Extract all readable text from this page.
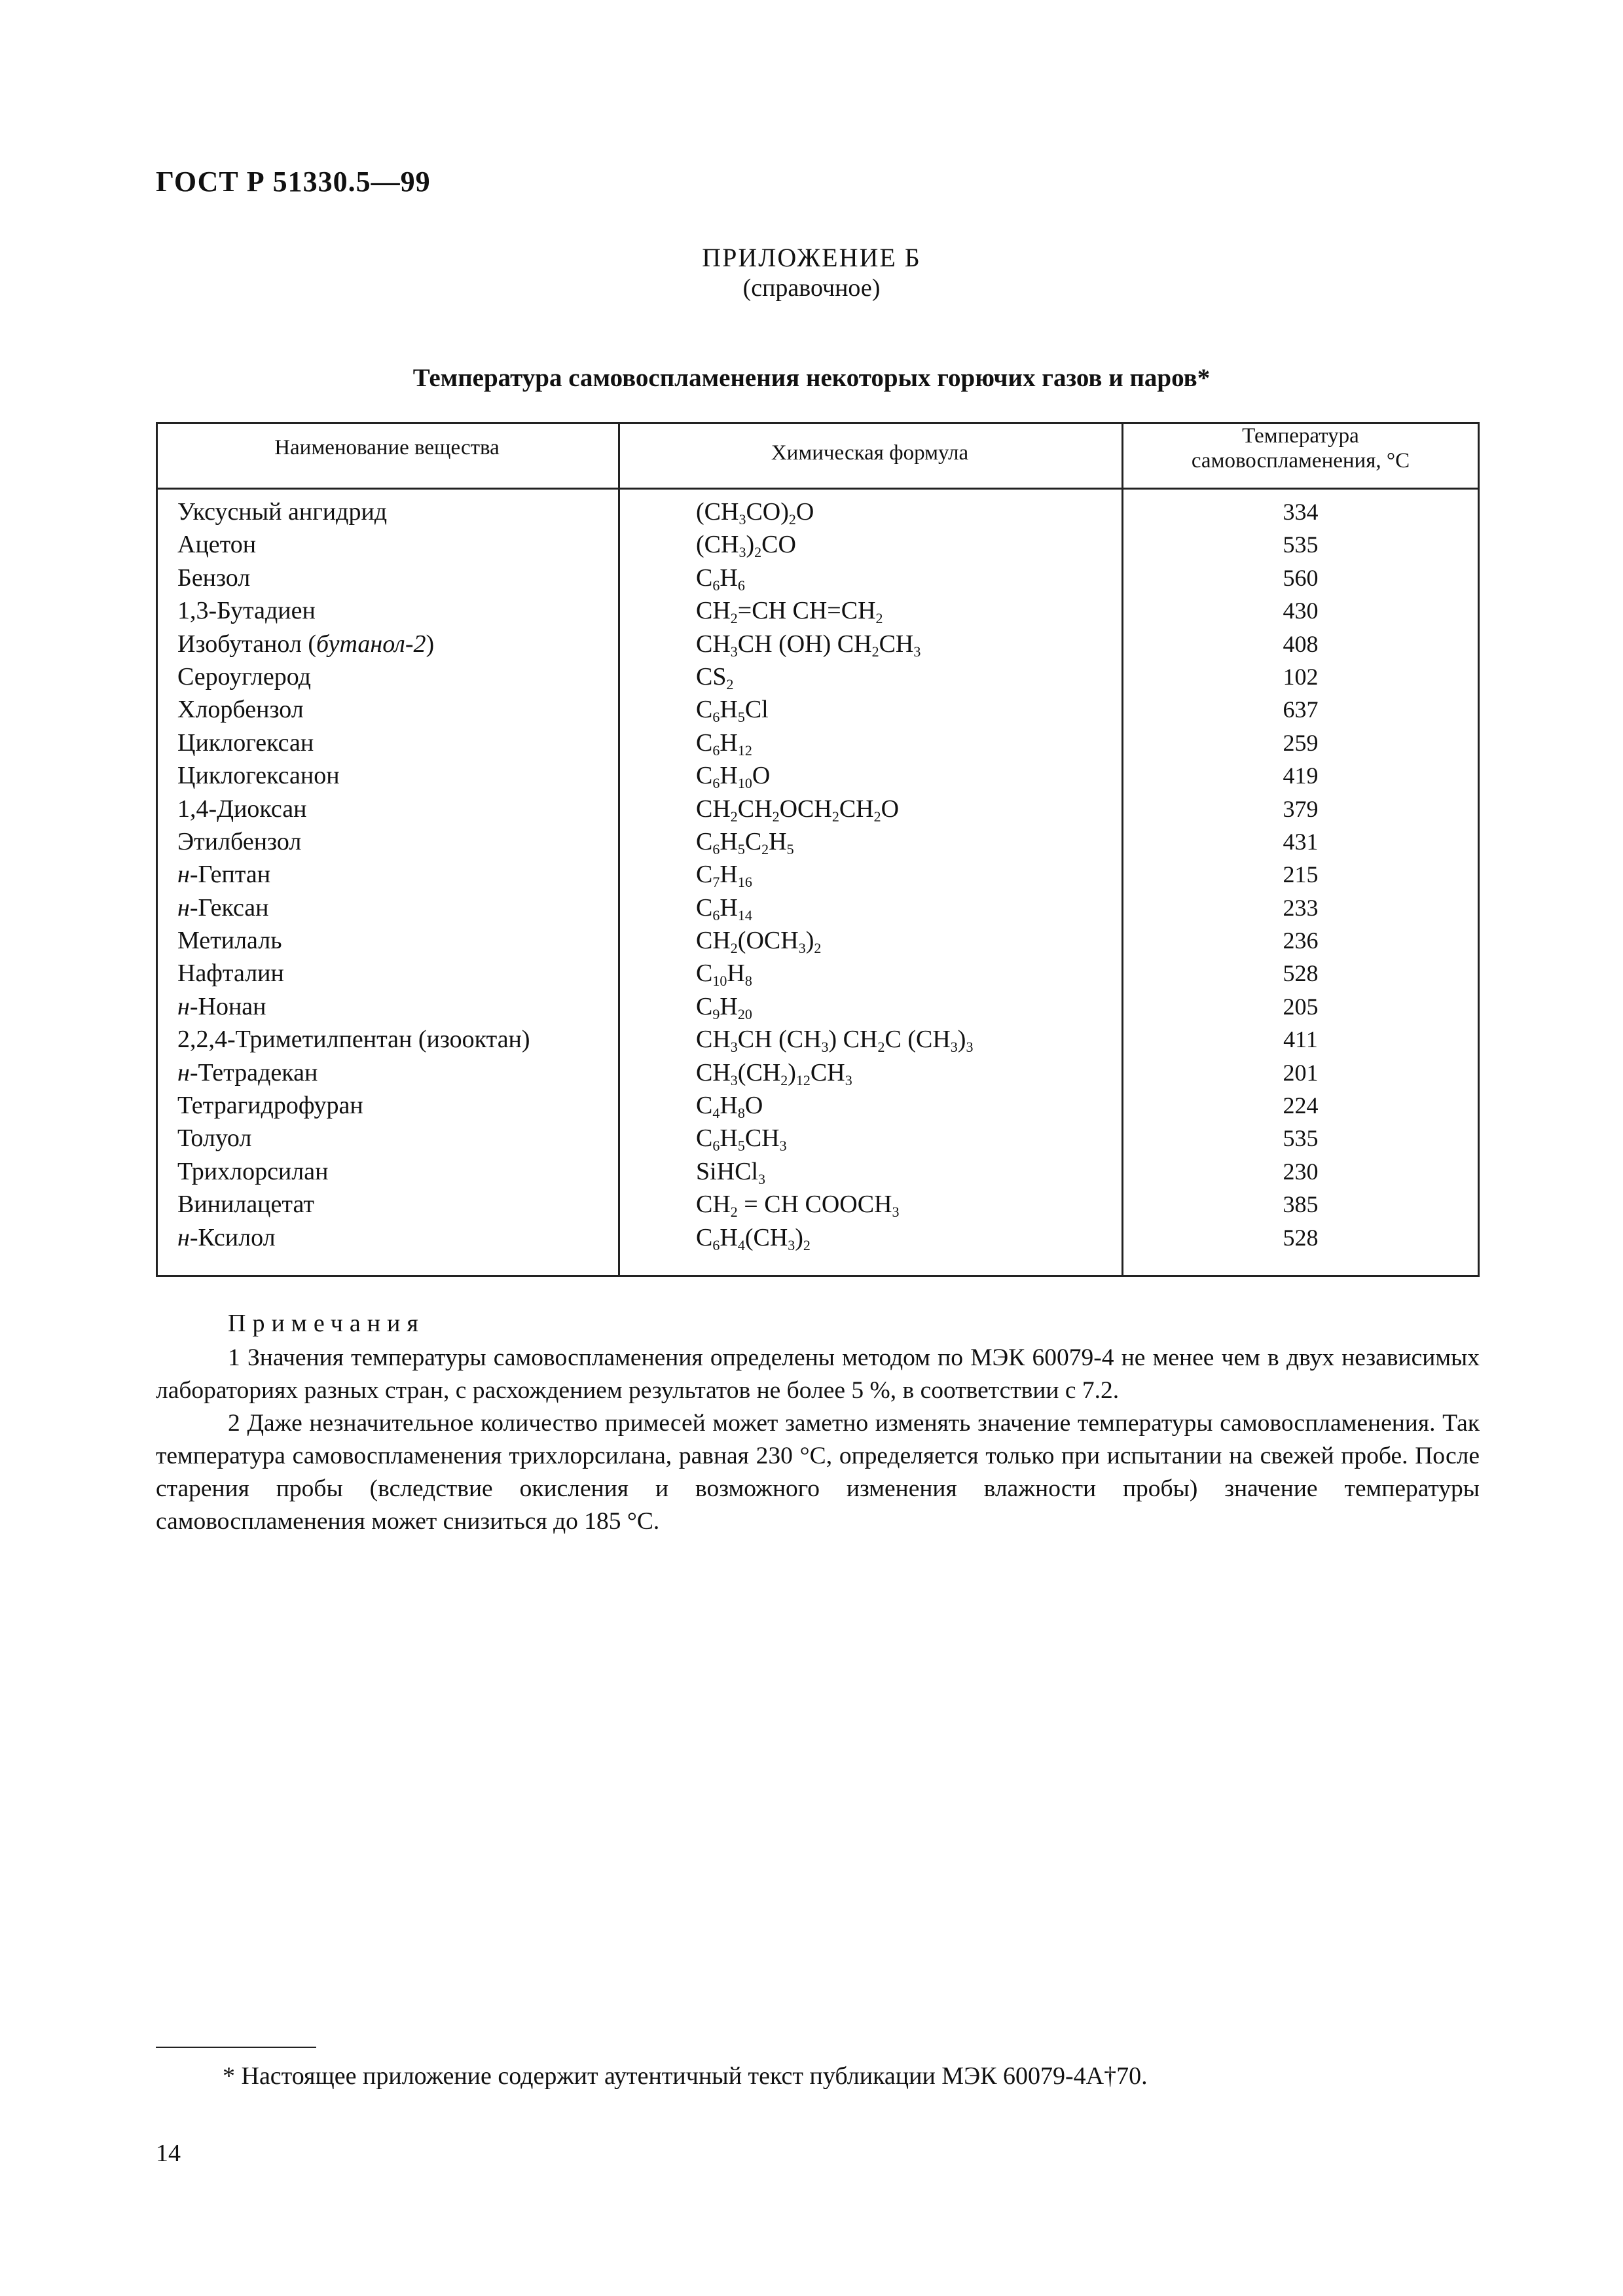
ГОСТ Р 51330.5—99
ПРИЛОЖЕНИЕ Б
(справочное)
Температура самовоспламенения некоторых горючих газов и паров*
Наименование вещества	Химическая формула
Температура
самовоспламенения, °С
Уксусный ангидрид	$(CH_3CO)_2O$	334
Ацетон	$(CH_3)_2CO$	535
Бензол	$C_6H_6$	560
1,3-Бутадиен	$CH_2=CH$ $CH=CH_2$	430
Изобутанол (бутанол-2)	$CH_3CH$ (OH) $CH_2CH_3$	408
Сероуглерод	$CS_2$	102
Хлорбензол	$C_6H_5Cl$	637
Циклогексан	$C_6H_{12}$	259
Циклогексанон	$C_6H_{10}O$	419
1,4-Диоксан	$CH_2CH_2OCH_2CH_2O$	379
Этилбензол	$C_6H_5C_2H_5$	431
н-Гептан	$C_7H_{16}$	215
н-Гексан	$C_6H_{14}$	233
Метилаль	$CH_2(OCH_3)_2$	236
Нафталин	$C_{10}H_8$	528
н-Нонан	$C_9H_{20}$	205
2,2,4-Триметилпентан (изооктан)	$CH_3CH$ $(CH_3)$ $CH_2C$ $(CH_3)_3$	411
н-Тетрадекан	$CH_3(CH_2)_{12}CH_3$	201
Тетрагидрофуран	$C_4H_8O$	224
Толуол	$C_6H_5CH_3$	535
Трихлорсилан	SiHCl$_3$	230
Винилацетат	$CH_2$ = CH $COOCH_3$	385
н-Ксилол	$C_6H_4(CH_3)_2$	528
Примечания
1 Значения температуры самовоспламенения определены методом по МЭК 60079-4 не менее чем в двух независимых лабораториях разных стран, с расхождением результатов не более 5 %, в соответствии с 7.2.
2 Даже незначительное количество примесей может заметно изменять значение температуры самовоспламенения. Так температура самовоспламенения трихлорсилана, равная 230 °С, определяется только при испытании на свежей пробе. После старения пробы (вследствие окисления и возможного изменения влажности пробы) значение температуры самовоспламенения может снизиться до 185 °С.
* Настоящее приложение содержит аутентичный текст публикации МЭК 60079-4А†70.
14
